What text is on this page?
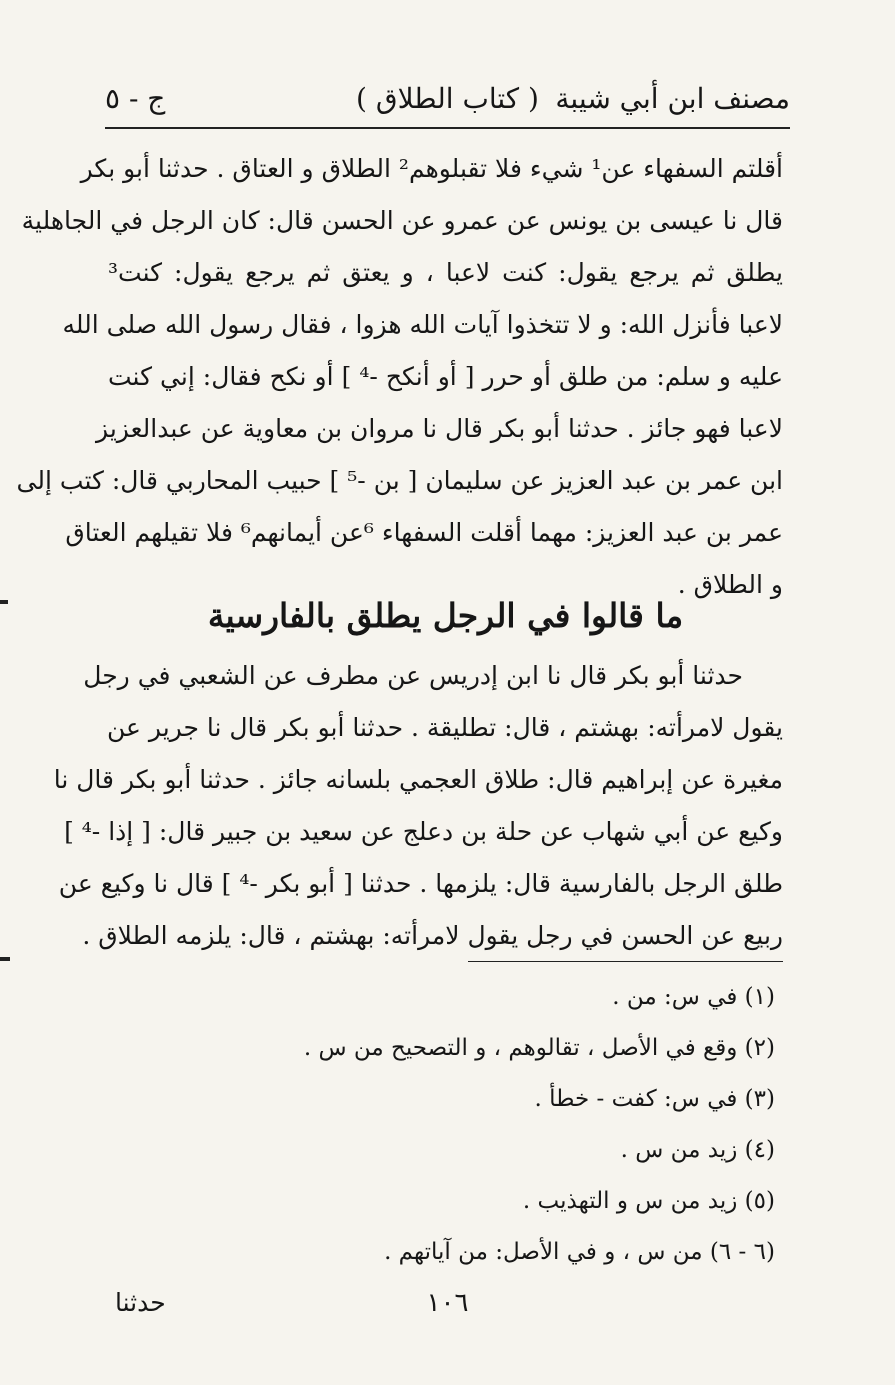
مصنف ابن أبي شيبة
( كتاب الطلاق )
ج - ٥
أقلتم السفهاء عن¹ شيء فلا تقبلوهم² الطلاق و العتاق . حدثنا أبو بكر
قال نا عيسى بن يونس عن عمرو عن الحسن قال: كان الرجل في الجاهلية
يطلق ثم يرجع يقول: كنت لاعبا ، و يعتق ثم يرجع يقول: كنت³
لاعبا فأنزل الله: و لا تتخذوا آيات الله هزوا ، فقال رسول الله صلى الله
عليه و سلم: من طلق أو حرر [ أو أنكح -⁴ ] أو نكح فقال: إني كنت
لاعبا فهو جائز . حدثنا أبو بكر قال نا مروان بن معاوية عن عبدالعزيز
ابن عمر بن عبد العزيز عن سليمان [ بن -⁵ ] حبيب المحاربي قال: كتب إلى
عمر بن عبد العزيز: مهما أقلت السفهاء ⁶عن أيمانهم⁶ فلا تقيلهم العتاق
و الطلاق .
ما قالوا في الرجل يطلق بالفارسية
حدثنا أبو بكر قال نا ابن إدريس عن مطرف عن الشعبي في رجل
يقول لامرأته: بهشتم ، قال: تطليقة . حدثنا أبو بكر قال نا جرير عن
مغيرة عن إبراهيم قال: طلاق العجمي بلسانه جائز . حدثنا أبو بكر قال نا
وكيع عن أبي شهاب عن حلة بن دعلج عن سعيد بن جبير قال: [ إذا -⁴ ]
طلق الرجل بالفارسية قال: يلزمها . حدثنا [ أبو بكر -⁴ ] قال نا وكيع عن
ربيع عن الحسن في رجل يقول لامرأته: بهشتم ، قال: يلزمه الطلاق .
(١) في س: من .
(٢) وقع في الأصل ، تقالوهم ، و التصحيح من س .
(٣) في س: كفت - خطأ .
(٤) زيد من س .
(٥) زيد من س و التهذيب .
(٦ - ٦) من س ، و في الأصل: من آياتهم .
١٠٦
حدثنا
